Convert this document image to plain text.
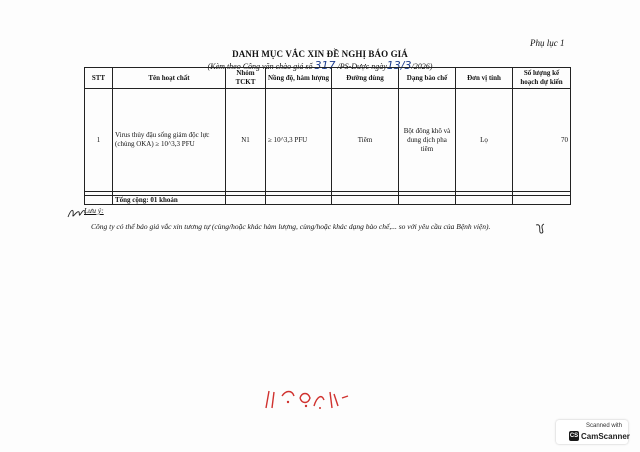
Phụ lục 1
DANH MỤC VẮC XIN ĐỀ NGHỊ BÁO GIÁ
(Kèm theo Công văn chào giá số 317 /PS-Dược ngày13/3/2026)
STT	Tên hoạt chất	Nhóm TCKT	Nồng độ, hàm lượng	Đường dùng	Dạng bào chế	Đơn vị tính	Số lượng kế hoạch dự kiến
1	Virus thủy đậu sống giảm độc lực (chủng OKA) ≥ 10^3,3 PFU	N1	≥ 10^3,3 PFU	Tiêm	Bột đông khô và dung dịch pha tiêm	Lọ	70

	Tổng cộng: 01 khoản						
Lưu ý:
Công ty có thể báo giá vắc xin tương tự (cùng/hoặc khác hàm lượng, cùng/hoặc khác dạng bào chế,... so với yêu cầu của Bệnh viện).
Scanned with
CS CamScanner
